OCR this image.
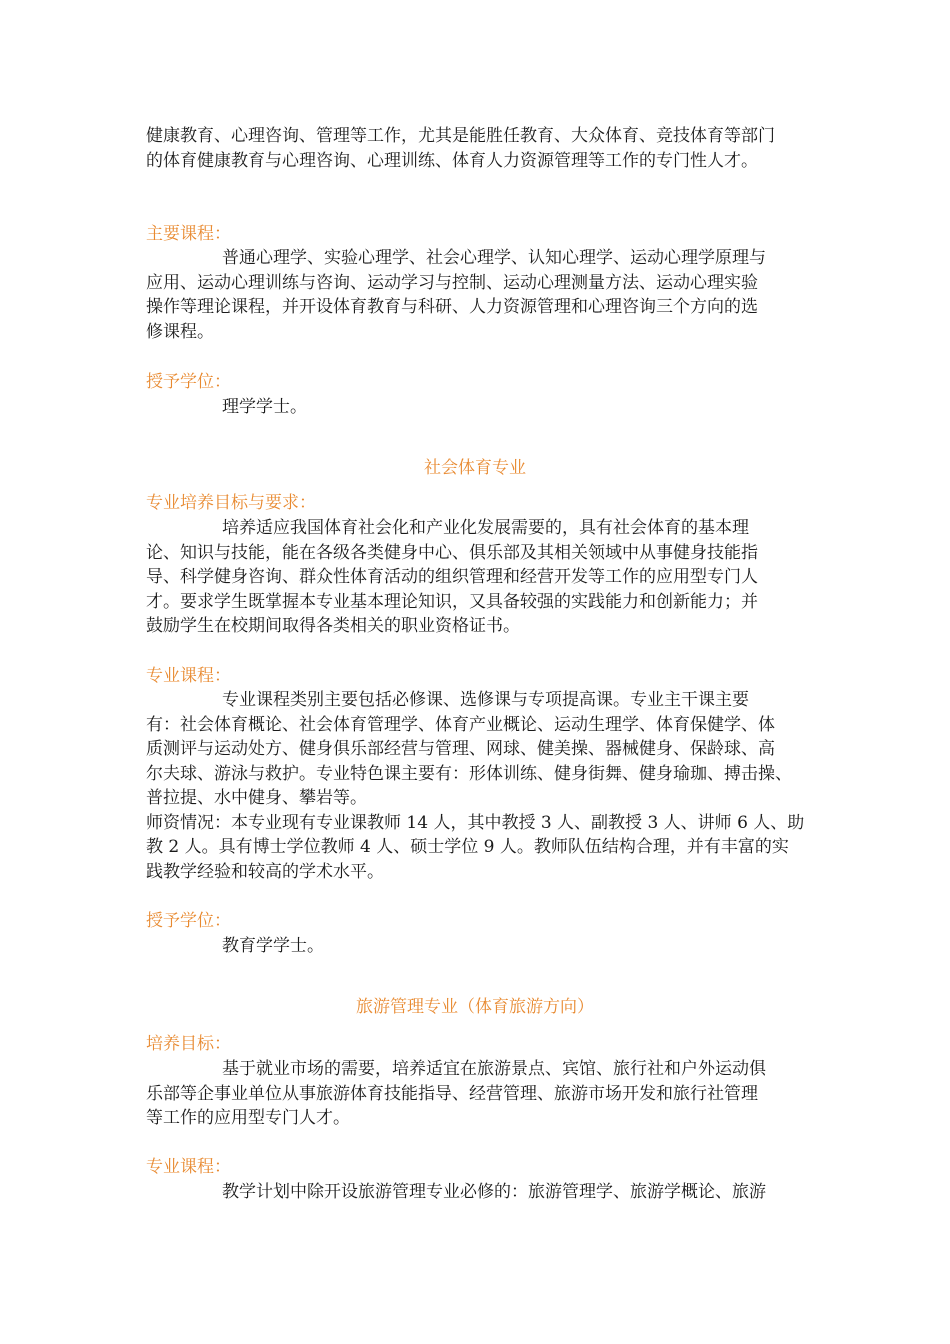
健康教育、心理咨询、管理等工作，尤其是能胜任教育、大众体育、竞技体育等部门
的体育健康教育与心理咨询、心理训练、体育人力资源管理等工作的专门性人才。
主要课程：
普通心理学、实验心理学、社会心理学、认知心理学、运动心理学原理与
应用、运动心理训练与咨询、运动学习与控制、运动心理测量方法、运动心理实验
操作等理论课程，并开设体育教育与科研、人力资源管理和心理咨询三个方向的选
修课程。
授予学位：
理学学士。
社会体育专业
专业培养目标与要求：
培养适应我国体育社会化和产业化发展需要的，具有社会体育的基本理
论、知识与技能，能在各级各类健身中心、俱乐部及其相关领域中从事健身技能指
导、科学健身咨询、群众性体育活动的组织管理和经营开发等工作的应用型专门人
才。要求学生既掌握本专业基本理论知识，又具备较强的实践能力和创新能力；并
鼓励学生在校期间取得各类相关的职业资格证书。
专业课程：
专业课程类别主要包括必修课、选修课与专项提高课。专业主干课主要
有：社会体育概论、社会体育管理学、体育产业概论、运动生理学、体育保健学、体
质测评与运动处方、健身俱乐部经营与管理、网球、健美操、器械健身、保龄球、高
尔夫球、游泳与救护。专业特色课主要有：形体训练、健身街舞、健身瑜珈、搏击操、
普拉提、水中健身、攀岩等。
师资情况：本专业现有专业课教师 14 人，其中教授 3 人、副教授 3 人、讲师 6 人、助
教 2 人。具有博士学位教师 4 人、硕士学位 9 人。教师队伍结构合理，并有丰富的实
践教学经验和较高的学术水平。
授予学位：
教育学学士。
旅游管理专业（体育旅游方向）
培养目标：
基于就业市场的需要，培养适宜在旅游景点、宾馆、旅行社和户外运动俱
乐部等企事业单位从事旅游体育技能指导、经营管理、旅游市场开发和旅行社管理
等工作的应用型专门人才。
专业课程：
教学计划中除开设旅游管理专业必修的：旅游管理学、旅游学概论、旅游
